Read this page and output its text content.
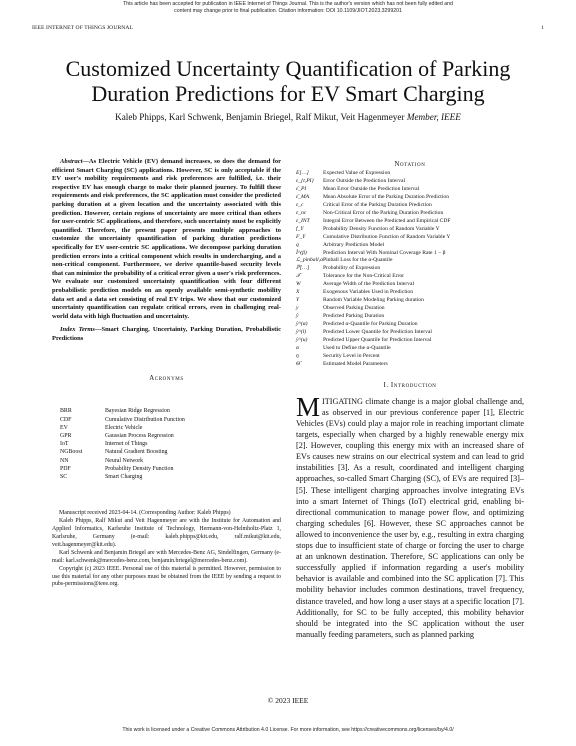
This article has been accepted for publication in IEEE Internet of Things Journal. This is the author's version which has not been fully edited and
content may change prior to final publication. Citation information: DOI 10.1109/JIOT.2023.3299201
IEEE INTERNET OF THINGS JOURNAL	1
Customized Uncertainty Quantification of Parking Duration Predictions for EV Smart Charging
Kaleb Phipps, Karl Schwenk, Benjamin Briegel, Ralf Mikut, Veit Hagenmeyer Member, IEEE

Abstract—As Electric Vehicle (EV) demand increases, so does the demand for efficient Smart Charging (SC) applications. However, SC is only acceptable if the EV user's mobility requirements and risk preferences are fulfilled, i.e. their respective EV has enough charge to make their planned journey. To fulfill these requirements and risk preferences, the SC application must consider the predicted parking duration at a given location and the uncertainty associated with this prediction. However, certain regions of uncertainty are more critical than others for user-centric SC applications, and therefore, such uncertainty must be explicitly quantified. Therefore, the present paper presents multiple approaches to customize the uncertainty quantification of parking duration predictions specifically for EV user-centric SC applications. We decompose parking duration prediction errors into a critical component which results in undercharging, and a non-critical component. Furthermore, we derive quantile-based security levels that can minimize the probability of a critical error given a user's risk preferences. We evaluate our customized uncertainty quantification with four different probabilistic prediction models on an openly available semi-synthetic mobility data set and a data set consisting of real EV trips. We show that our customized uncertainty quantification can regulate critical errors, even in challenging real-world data with high fluctuation and uncertainty.

Index Terms—Smart Charging, Uncertainty, Parking Duration, Probabilistic Predictions

Acronyms
BRR	Bayesian Ridge Regression
CDF	Cumulative Distribution Function
EV	Electric Vehicle
GPR	Gaussian Process Regression
IoT	Internet of Things
NGBoost	Natural Gradient Boosting
NN	Neural Network
PDF	Probability Density Function
SC	Smart Charging

Manuscript received 2023-04-14. (Corresponding Author: Kaleb Phipps)

Kaleb Phipps, Ralf Mikut and Veit Hagenmeyer are with the Institute for Automation and Applied Informatics, Karlsruhe Institute of Technology, Hermann-von-Helmholtz-Platz 1, Karlsruhe, Germany (e-mail: kaleb.phipps@kit.edu, ralf.mikut@kit.edu, veit.hagenmeyer@kit.edu).

Karl Schwenk and Benjamin Briegel are with Mercedes-Benz AG, Sindelfingen, Germany (e-mail: karl.schwenk@mercedes-benz.com, benjamin.briegel@mercedes-benz.com).

Copyright (c) 2023 IEEE. Personal use of this material is permitted. However, permission to use this material for any other purposes must be obtained from the IEEE by sending a request to pubs-permissions@ieee.org.

Notation
E[…]	Expected Value of Expression
ε_{t,PI}	Error Outside the Prediction Interval
ε̄_PI	Mean Error Outside the Prediction Interval
ε̄_MA	Mean Absolute Error of the Parking Duration Prediction
ε_c	Critical Error of the Parking Duration Prediction
ε_nc	Non-Critical Error of the Parking Duration Prediction
ε_INT	Integral Error Between the Predicted and Empirical CDF
f_Y	Probability Density Function of Random Variable Y
F_Y	Cumulative Distribution Function of Random Variable Y
q	Arbitrary Prediction Model
Î^(β)	Prediction Interval With Nominal Coverage Rate 1 − β
ℒ_pinball,α	Pinball Loss for the α-Quantile
ℙ[…]	Probability of Expression
𝒯	Tolerance for the Non-Critical Error
W	Average Width of the Prediction Interval
X	Exogenous Variables Used in Prediction
Y	Random Variable Modeling Parking duration
y	Observed Parking Duration
ŷ	Predicted Parking Duration
ŷ^(α)	Predicted α-Quantile for Parking Duration
ŷ^(l)	Predicted Lower Quantile for Prediction Interval
ŷ^(u)	Predicted Upper Quantile for Prediction Interval
α	Used to Define the α-Quantile
η	Security Level in Percent
Θ̂	Estimated Model Parameters
I. Introduction

MITIGATING climate change is a major global challenge and, as observed in our previous conference paper [1], Electric Vehicles (EVs) could play a major role in reaching important climate targets, especially when charged by a highly renewable energy mix [2]. However, coupling this energy mix with an increased share of EVs causes new strains on our electrical system and can lead to grid instabilities [3]. As a result, coordinated and intelligent charging approaches, so-called Smart Charging (SC), of EVs are required [3]–[5]. These intelligent charging approaches involve integrating EVs into a smart Internet of Things (IoT) electrical grid, enabling bi-directional communication to manage power flow, and optimizing charging schedules [6]. However, these SC approaches cannot be allowed to inconvenience the user by, e.g., resulting in extra charging stops due to insufficient state of charge or forcing the user to charge at an unknown destination. Therefore, SC applications can only be successfully applied if information regarding a user's mobility behavior is available and combined into the SC application [7]. This mobility behavior includes common destinations, travel frequency, distance traveled, and how long a user stays at a specific location [7]. Additionally, for SC to be fully accepted, this mobility behavior should be integrated into the SC application without the user manually feeding parameters, such as planned parking

© 2023 IEEE
This work is licensed under a Creative Commons Attribution 4.0 License. For more information, see https://creativecommons.org/licenses/by/4.0/
